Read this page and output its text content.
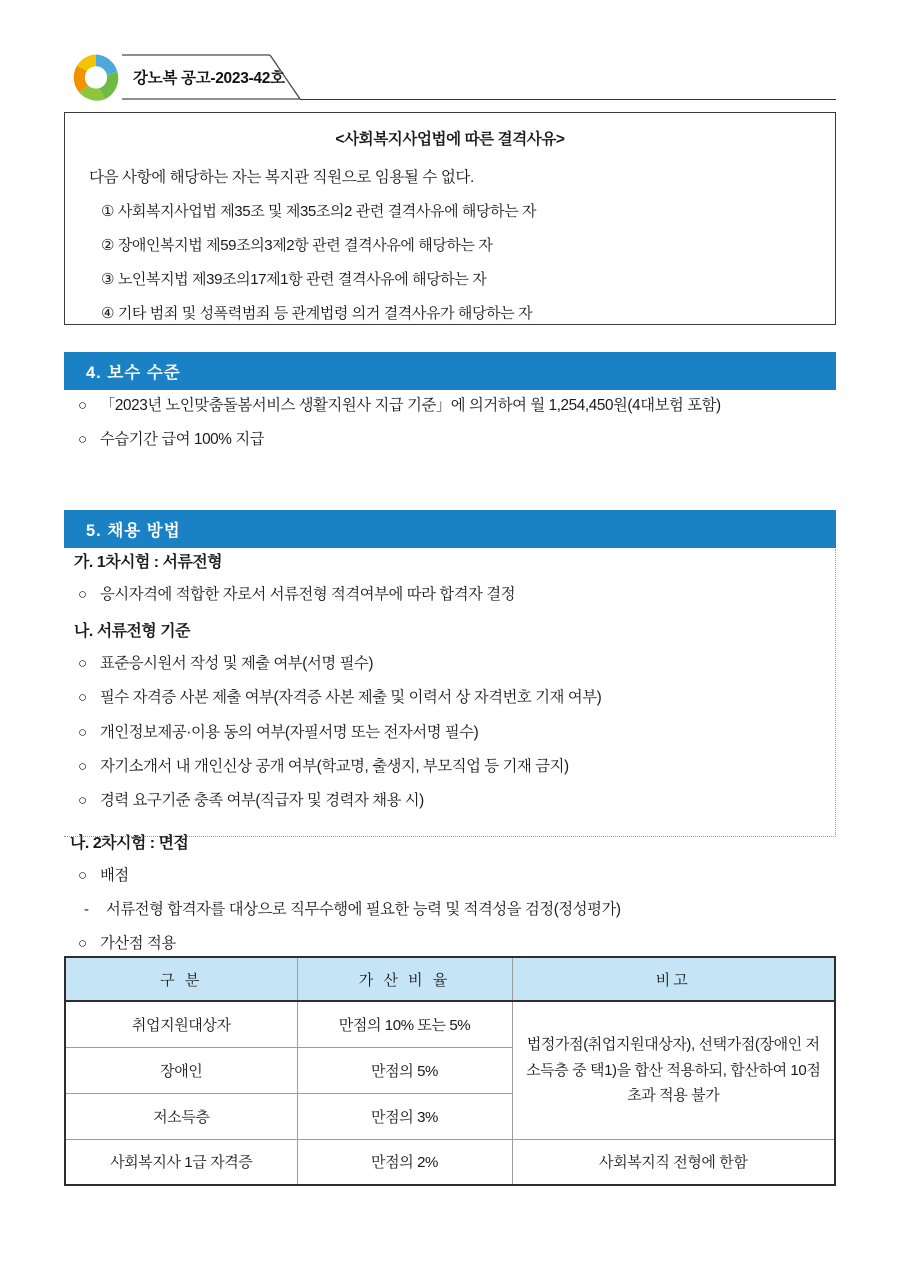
강노복 공고-2023-42호
<사회복지사업법에 따른 결격사유>
다음 사항에 해당하는 자는 복지관 직원으로 임용될 수 없다.
① 사회복지사업법 제35조 및 제35조의2 관련 결격사유에 해당하는 자
② 장애인복지법 제59조의3제2항 관련 결격사유에 해당하는 자
③ 노인복지법 제39조의17제1항 관련 결격사유에 해당하는 자
④ 기타 범죄 및 성폭력범죄 등 관계법령 의거 결격사유가 해당하는 자
4. 보수 수준
○ 「2023년 노인맞춤돌봄서비스 생활지원사 지급 기준」에 의거하여 월 1,254,450원(4대보험 포함)
○ 수습기간 급여 100% 지급
5. 채용 방법
가. 1차시험 : 서류전형
○ 응시자격에 적합한 자로서 서류전형 적격여부에 따라 합격자 결정
나. 서류전형 기준
○ 표준응시원서 작성 및 제출 여부(서명 필수)
○ 필수 자격증 사본 제출 여부(자격증 사본 제출 및 이력서 상 자격번호 기재 여부)
○ 개인정보제공·이용 동의 여부(자필서명 또는 전자서명 필수)
○ 자기소개서 내 개인신상 공개 여부(학교명, 출생지, 부모직업 등 기재 금지)
○ 경력 요구기준 충족 여부(직급자 및 경력자 채용 시)
나. 2차시험 : 면접
○ 배점
-	서류전형 합격자를 대상으로 직무수행에 필요한 능력 및 적격성을 검정(정성평가)
○ 가산점 적용
구 분	가 산 비 율	비고
취업지원대상자	만점의 10% 또는 5%	법정가점(취업지원대상자), 선택가점(장애인 저소득층 중 택1)을 합산 적용하되, 합산하여 10점 초과 적용 불가
장애인	만점의 5%	
저소득층	만점의 3%	
사회복지사 1급 자격증	만점의 2%	사회복지직 전형에 한함
